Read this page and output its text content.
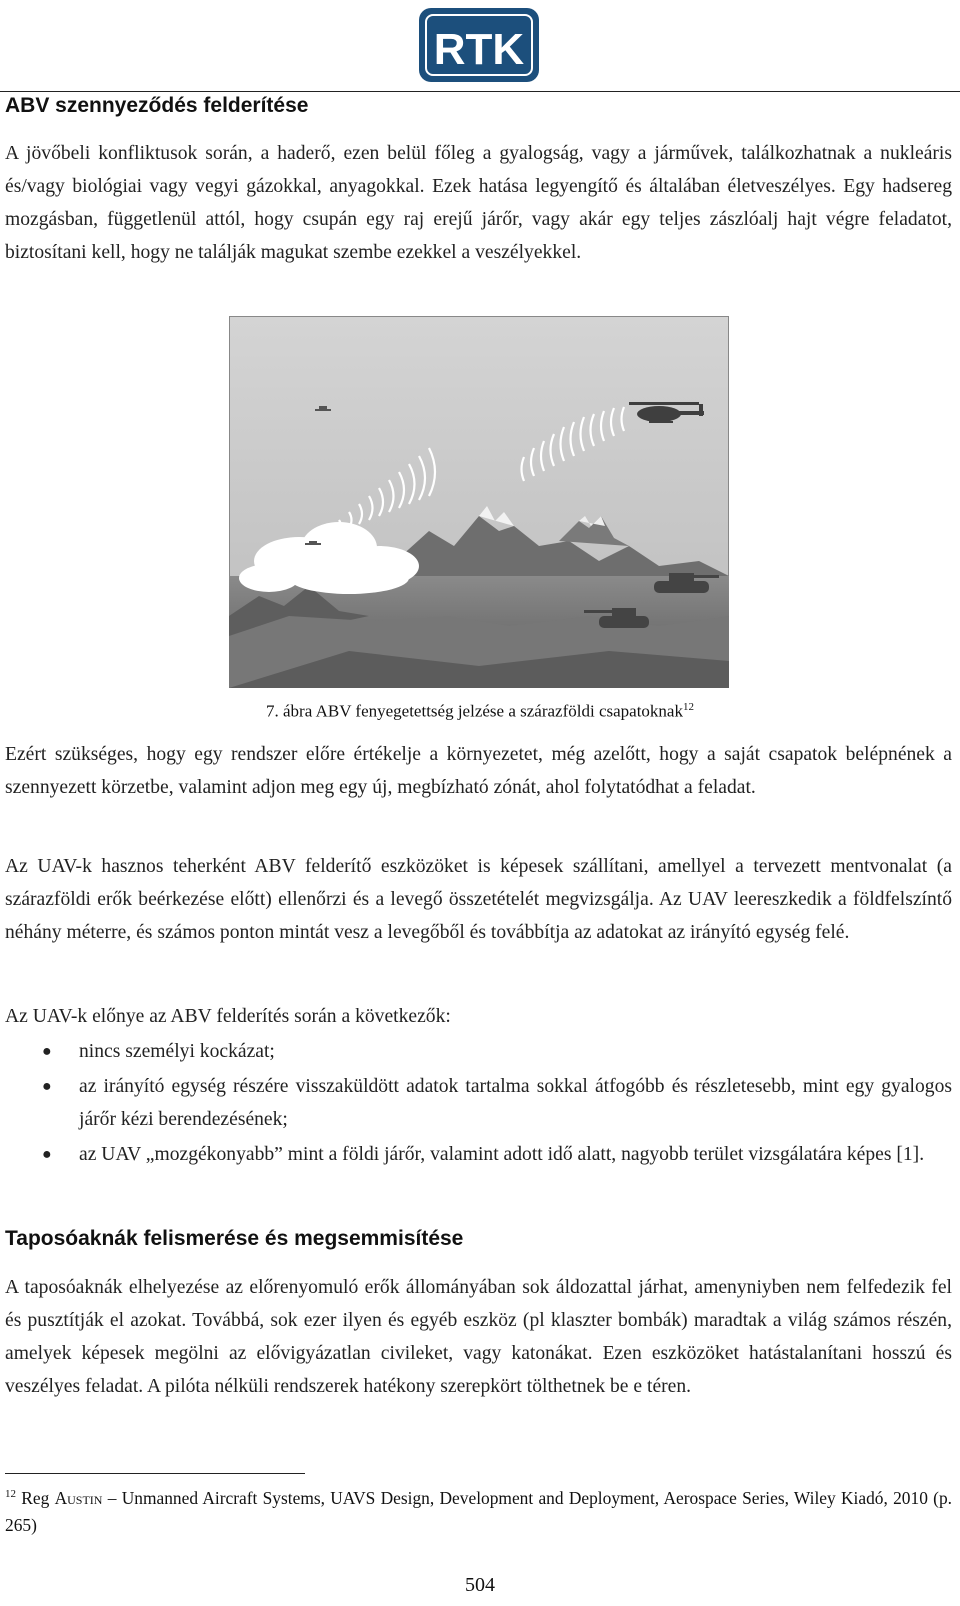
RTK
ABV szennyeződés felderítése

A jövőbeli konfliktusok során, a haderő, ezen belül főleg a gyalogság, vagy a járművek, találkozhatnak a nukleáris és/vagy biológiai vagy vegyi gázokkal, anyagokkal. Ezek hatása legyengítő és általában életveszélyes. Egy hadsereg mozgásban, függetlenül attól, hogy csupán egy raj erejű járőr, vagy akár egy teljes zászlóalj hajt végre feladatot, biztosítani kell, hogy ne találják magukat szembe ezekkel a veszélyekkel.

7. ábra ABV fenyegetettség jelzése a szárazföldi csapatoknak$^{12}$

Ezért szükséges, hogy egy rendszer előre értékelje a környezetet, még azelőtt, hogy a saját csapatok belépnének a szennyezett körzetbe, valamint adjon meg egy új, megbízható zónát, ahol folytatódhat a feladat.

Az UAV-k hasznos teherként ABV felderítő eszközöket is képesek szállítani, amellyel a tervezett mentvonalat (a szárazföldi erők beérkezése előtt) ellenőrzi és a levegő összetételét megvizsgálja. Az UAV leereszkedik a földfelszíntő néhány méterre, és számos ponton mintát vesz a levegőből és továbbítja az adatokat az irányító egység felé.

Az UAV-k előnye az ABV felderítés során a következők:

● nincs személyi kockázat;
● az irányító egység részére visszaküldött adatok tartalma sokkal átfogóbb és részletesebb, mint egy gyalogos járőr kézi berendezésének;
● az UAV „mozgékonyabb” mint a földi járőr, valamint adott idő alatt, nagyobb terület vizsgálatára képes [1].
Taposóaknák felismerése és megsemmisítése

A taposóaknák elhelyezése az előrenyomuló erők állományában sok áldozattal járhat, amenyniyben nem felfedezik fel és pusztítják el azokat. Továbbá, sok ezer ilyen és egyéb eszköz (pl klaszter bombák) maradtak a világ számos részén, amelyek képesek megölni az elővigyázatlan civileket, vagy katonákat. Ezen eszközöket hatástalanítani hosszú és veszélyes feladat. A pilóta nélküli rendszerek hatékony szerepkört tölthetnek be e téren.

$^{12}$ Reg Austin – Unmanned Aircraft Systems, UAVS Design, Development and Deployment, Aerospace Series, Wiley Kiadó, 2010 (p. 265)

504
